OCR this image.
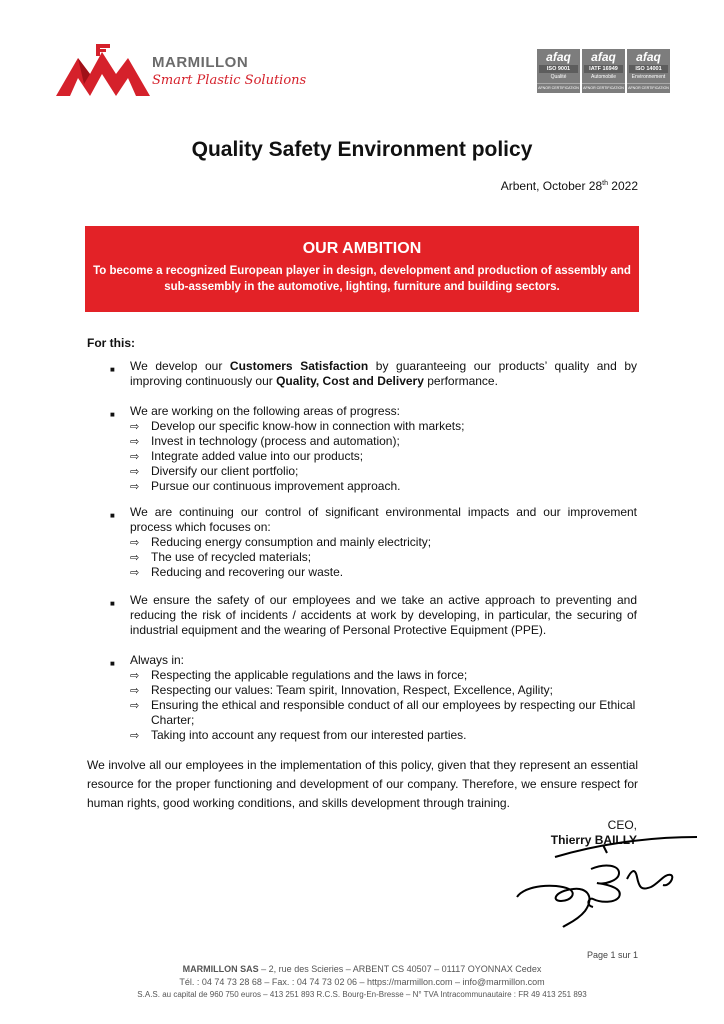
MARMILLON
Smart Plastic Solutions
afaq
ISO 9001
Qualité
AFNOR CERTIFICATION
afaq
IATF 16949
Automobile
AFNOR CERTIFICATION
afaq
ISO 14001
Environnement
AFNOR CERTIFICATION
Quality Safety Environment policy
Arbent, October 28th 2022
OUR AMBITION
To become a recognized European player in design, development and production of assembly and sub-assembly in the automotive, lighting, furniture and building sectors.
For this:
■ We develop our Customers Satisfaction by guaranteeing our products’ quality and by improving continuously our Quality, Cost and Delivery performance.
■ We are working on the following areas of progress:
⇨ Develop our specific know-how in connection with markets;
⇨ Invest in technology (process and automation);
⇨ Integrate added value into our products;
⇨ Diversify our client portfolio;
⇨ Pursue our continuous improvement approach.
■ We are continuing our control of significant environmental impacts and our improvement process which focuses on:
⇨ Reducing energy consumption and mainly electricity;
⇨ The use of recycled materials;
⇨ Reducing and recovering our waste.
■ We ensure the safety of our employees and we take an active approach to preventing and reducing the risk of incidents / accidents at work by developing, in particular, the securing of industrial equipment and the wearing of Personal Protective Equipment (PPE).
■ Always in:
⇨ Respecting the applicable regulations and the laws in force;
⇨ Respecting our values: Team spirit, Innovation, Respect, Excellence, Agility;
⇨ Ensuring the ethical and responsible conduct of all our employees by respecting our Ethical Charter;
⇨ Taking into account any request from our interested parties.
We involve all our employees in the implementation of this policy, given that they represent an essential resource for the proper functioning and development of our company. Therefore, we ensure respect for human rights, good working conditions, and skills development through training.
CEO,
Thierry BAILLY
Page 1 sur 1
MARMILLON SAS – 2, rue des Scieries – ARBENT CS 40507 – 01117 OYONNAX Cedex
Tél. : 04 74 73 28 68 – Fax. : 04 74 73 02 06 – https://marmillon.com – info@marmillon.com
S.A.S. au capital de 960 750 euros – 413 251 893 R.C.S. Bourg-En-Bresse – N° TVA Intracommunautaire : FR 49 413 251 893
